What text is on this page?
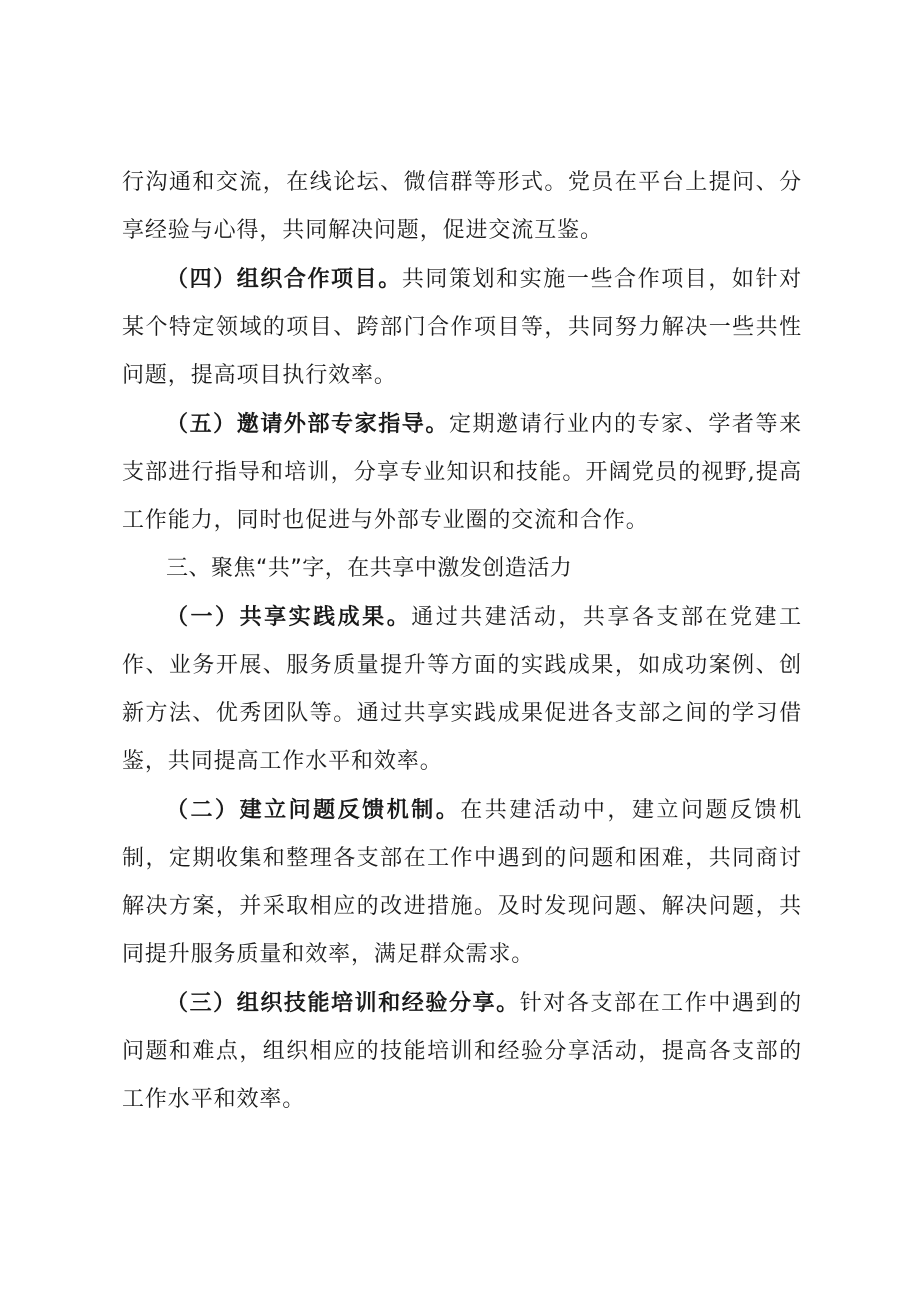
行沟通和交流，在线论坛、微信群等形式。党员在平台上提问、分享经验与心得，共同解决问题，促进交流互鉴。

（四）组织合作项目。共同策划和实施一些合作项目，如针对某个特定领域的项目、跨部门合作项目等，共同努力解决一些共性问题，提高项目执行效率。

（五）邀请外部专家指导。定期邀请行业内的专家、学者等来支部进行指导和培训，分享专业知识和技能。开阔党员的视野,提高工作能力，同时也促进与外部专业圈的交流和合作。

三、聚焦“共”字，在共享中激发创造活力

（一）共享实践成果。通过共建活动，共享各支部在党建工作、业务开展、服务质量提升等方面的实践成果，如成功案例、创新方法、优秀团队等。通过共享实践成果促进各支部之间的学习借鉴，共同提高工作水平和效率。

（二）建立问题反馈机制。在共建活动中，建立问题反馈机制，定期收集和整理各支部在工作中遇到的问题和困难，共同商讨解决方案，并采取相应的改进措施。及时发现问题、解决问题，共同提升服务质量和效率，满足群众需求。

（三）组织技能培训和经验分享。针对各支部在工作中遇到的问题和难点，组织相应的技能培训和经验分享活动，提高各支部的工作水平和效率。
